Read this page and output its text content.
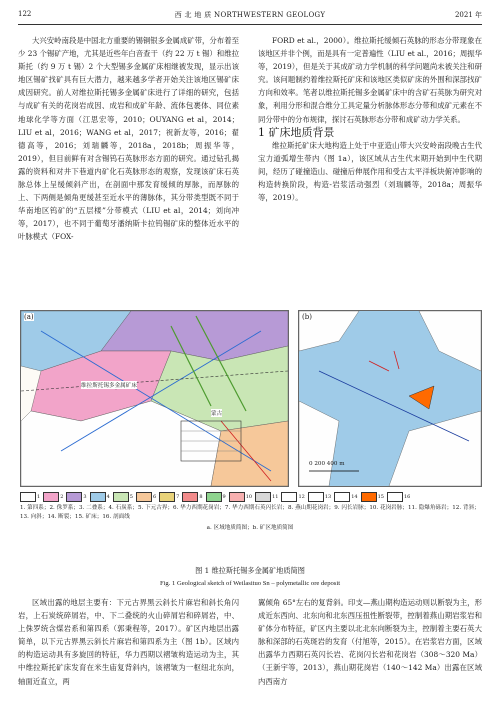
122	西 北 地 质 NORTHWESTERN GEOLOGY	2021 年

大兴安岭南段是中国北方重要的锡铜银多金属成矿带，分布着至少 23 个锡矿产地，尤其是近些年白音查干（约 22 万 t 锡）和维拉斯托（约 9 万 t 锡）2 个大型锡多金属矿床相继被发现，显示出该地区锡矿找矿具有巨大潜力，越来越多学者开始关注该地区锡矿床成因研究。前人对维拉斯托锡多金属矿床进行了详细的研究，包括与成矿有关的花岗岩成因、成岩和成矿年龄、流体包裹体、同位素地球化学等方面（江思宏等，2010；OUYANG et al，2014；LIU et al，2016；WANG et al，2017；祝新友等，2016；翟德高等，2016；刘瑞麟等，2018a，2018b；周振华等，2019），但目前鲜有对含锡钨石英脉形态方面的研究。通过钻孔揭露的资料和对井下巷道内矿化石英脉形态的观察，发现该矿床石英脉总体上呈缓倾斜产出，在剖面中那发育缓倾的厚脉，而厚脉的上、下两侧是倾角更缓甚至近水平的薄脉体，其分带类型既不同于华南地区钨矿的“五层楼”分带模式（LIU et al，2014；刘向冲等，2017），也不同于葡萄牙潘纳斯卡拉钨锡矿床的整体近水平的叶脉模式（FOX-

FORD et al.，2000）。维拉斯托缓倾石英脉的形态分带现象在该地区并非个例，而是具有一定普遍性（LIU et al.，2016；周振华等，2019），但是关于其成矿动力学机制的科学问题尚未被关注和研究。该问题制约着维拉斯托矿床和该地区类似矿床的外围和深部找矿方向和效率。笔者以维拉斯托锡多金属矿床中的含矿石英脉为研究对象，利用分形和混合维分工具定量分析脉体形态分带和成矿元素在不同分带中的分布规律，探讨石英脉形态分带和成矿动力学关系。

1 矿床地质背景

维拉斯托矿床大地构造上处于中亚造山带大兴安岭南段晚古生代宝力道弧增生带内（图 1a），该区域从古生代末期开始到中生代期间，经历了碰撞造山、碰撞后伸展作用和受古太平洋板块俯冲影响的构造转换阶段，构造-岩浆活动强烈（刘瑞麟等，2018a；周振华等，2019）。

(a)
维拉斯托锡多金属矿床
蒙古
(b)
0 200 400 m
1	2	3	4	5	6	7	8	9	10	11	12	13	14	15	16
1. 第四系；2. 侏罗系；3. 二叠系；4. 石炭系；5. 下元古界；6. 华力西期花岗岩；7. 华力西期石英闪长岩；8. 燕山期花岗岩；9. 闪长岩脉；10. 花岗岩脉；11. 隐爆角砾岩；12. 背斜；13. 向斜；14. 断裂；15. 矿床；16. 剖面线
a. 区域地质简图；b. 矿区地质简图
图 1 维拉斯托锡多金属矿地质简图
Fig. 1 Geological sketch of Weilasituo Sn – polymetallic ore deposit

区域出露的地层主要有：下元古界黑云斜长片麻岩和斜长角闪岩，上石炭统碎屑岩，中、下二叠统的火山碎屑岩和碎屑岩，中、上侏罗统含煤岩系和第四系（郭秉程等，2017）。矿区内地层出露简单，以下元古界黑云斜长片麻岩和第四系为主（图 1b）。区域内的构造运动具有多旋回的特征，华力西期以褶皱构造运动为主，其中维拉斯托矿床发育在米生庙复背斜内，该褶皱为一枢纽北东向，轴面近直立，两

翼倾角 65°左右的复背斜。印支—燕山期构造运动则以断裂为主，形成近东西向、北东向和北东西压扭性断裂带，控制着燕山期岩浆岩和矿体分布特征，矿区内主要以北北东向断裂为主，控制着主要石英大脉和深部的石英斑岩的发育（付旭等，2015）。在岩浆岩方面，区域出露华力西期石英闪长岩、花岗闪长岩和花岗岩（308～320 Ma）（王新宇等，2013），燕山期花岗岩（140～142 Ma）出露在区域内西南方
